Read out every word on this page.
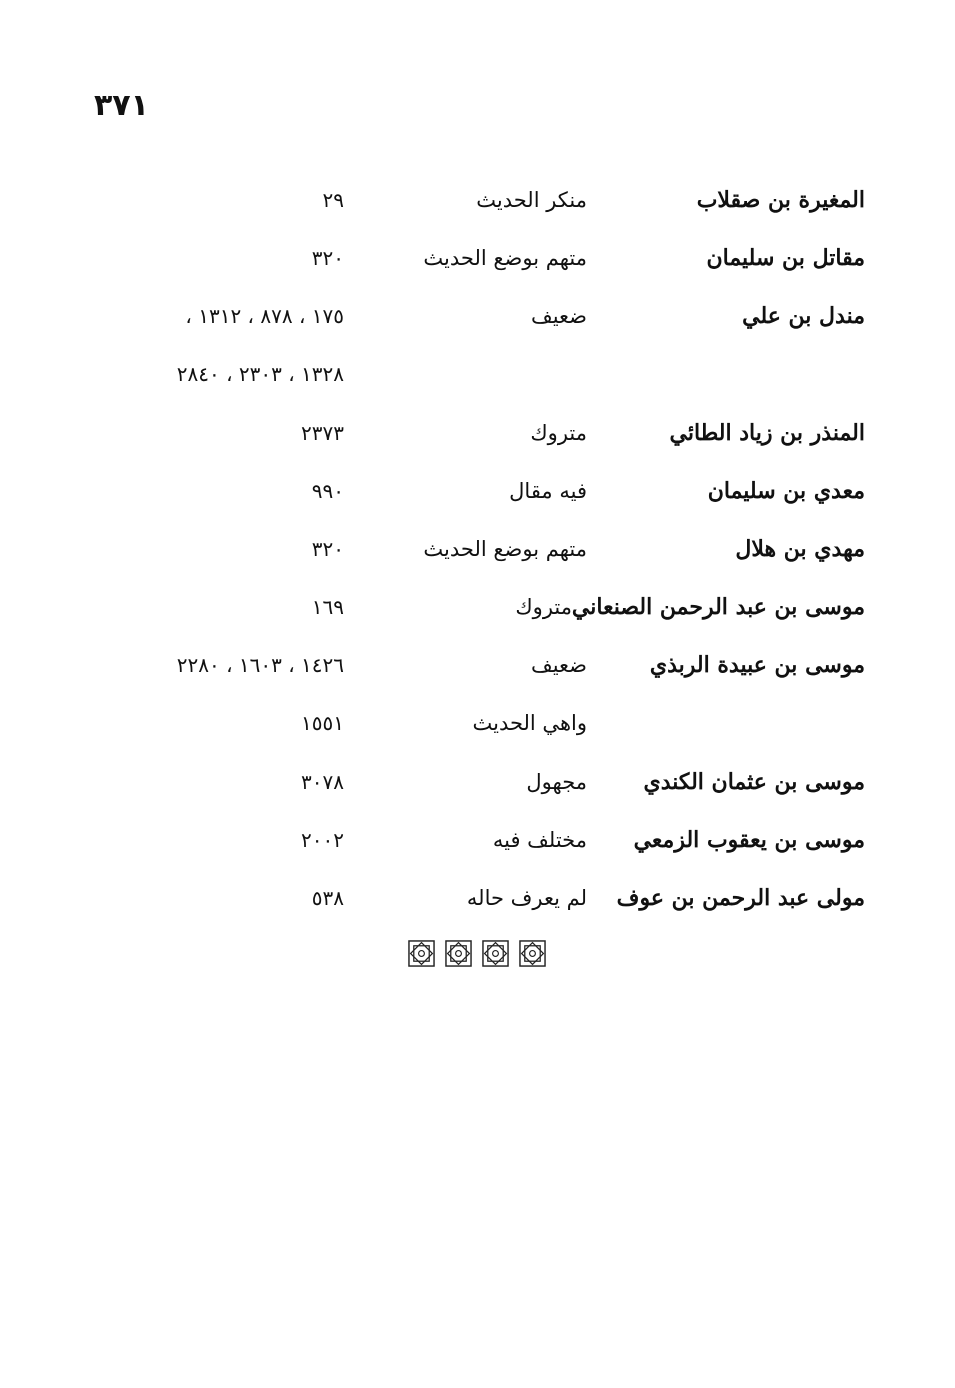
٣٧١
المغيرة بن صقلاب
منكر الحديث
٢٩
مقاتل بن سليمان
متهم بوضع الحديث
٣٢٠
مندل بن علي
ضعيف
١٧٥ ، ٨٧٨ ، ١٣١٢ ،
١٣٢٨ ، ٢٣٠٣ ، ٢٨٤٠
المنذر بن زياد الطائي
متروك
٢٣٧٣
معدي بن سليمان
فيه مقال
٩٩٠
مهدي بن هلال
متهم بوضع الحديث
٣٢٠
موسى بن عبد الرحمن الصنعاني
متروك
١٦٩
موسى بن عبيدة الربذي
ضعيف
١٤٢٦ ، ١٦٠٣ ، ٢٢٨٠
واهي الحديث
١٥٥١
موسى بن عثمان الكندي
مجهول
٣٠٧٨
موسى بن يعقوب الزمعي
مختلف فيه
٢٠٠٢
مولى عبد الرحمن بن عوف
لم يعرف حاله
٥٣٨
